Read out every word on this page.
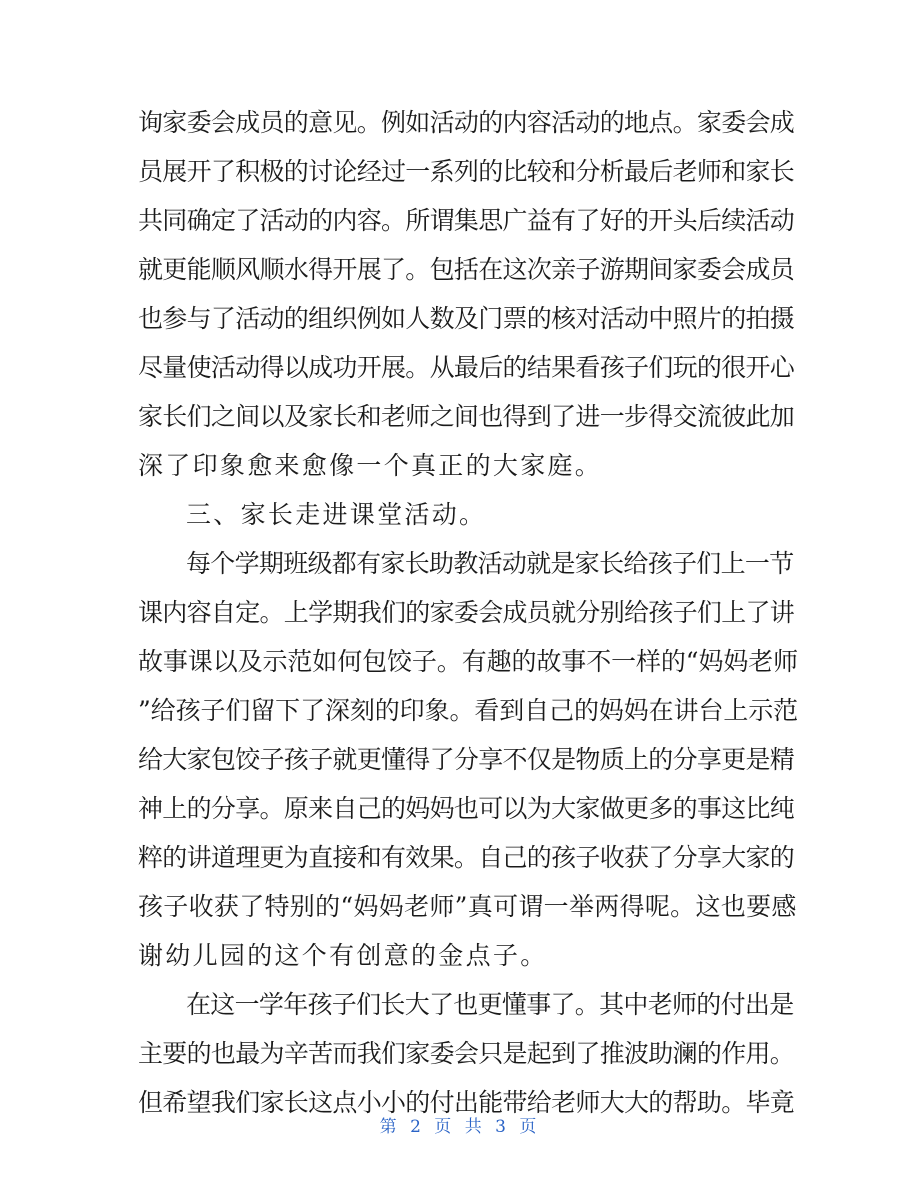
询家委会成员的意见。例如活动的内容活动的地点。家委会成
员展开了积极的讨论经过一系列的比较和分析最后老师和家长
共同确定了活动的内容。所谓集思广益有了好的开头后续活动
就更能顺风顺水得开展了。包括在这次亲子游期间家委会成员
也参与了活动的组织例如人数及门票的核对活动中照片的拍摄
尽量使活动得以成功开展。从最后的结果看孩子们玩的很开心
家长们之间以及家长和老师之间也得到了进一步得交流彼此加
深了印象愈来愈像一个真正的大家庭。
三、家长走进课堂活动。
每个学期班级都有家长助教活动就是家长给孩子们上一节
课内容自定。上学期我们的家委会成员就分别给孩子们上了讲
故事课以及示范如何包饺子。有趣的故事不一样的“妈妈老师
”给孩子们留下了深刻的印象。看到自己的妈妈在讲台上示范
给大家包饺子孩子就更懂得了分享不仅是物质上的分享更是精
神上的分享。原来自己的妈妈也可以为大家做更多的事这比纯
粹的讲道理更为直接和有效果。自己的孩子收获了分享大家的
孩子收获了特别的“妈妈老师”真可谓一举两得呢。这也要感
谢幼儿园的这个有创意的金点子。
在这一学年孩子们长大了也更懂事了。其中老师的付出是
主要的也最为辛苦而我们家委会只是起到了推波助澜的作用。
但希望我们家长这点小小的付出能带给老师大大的帮助。毕竟
第 2 页 共 3 页
